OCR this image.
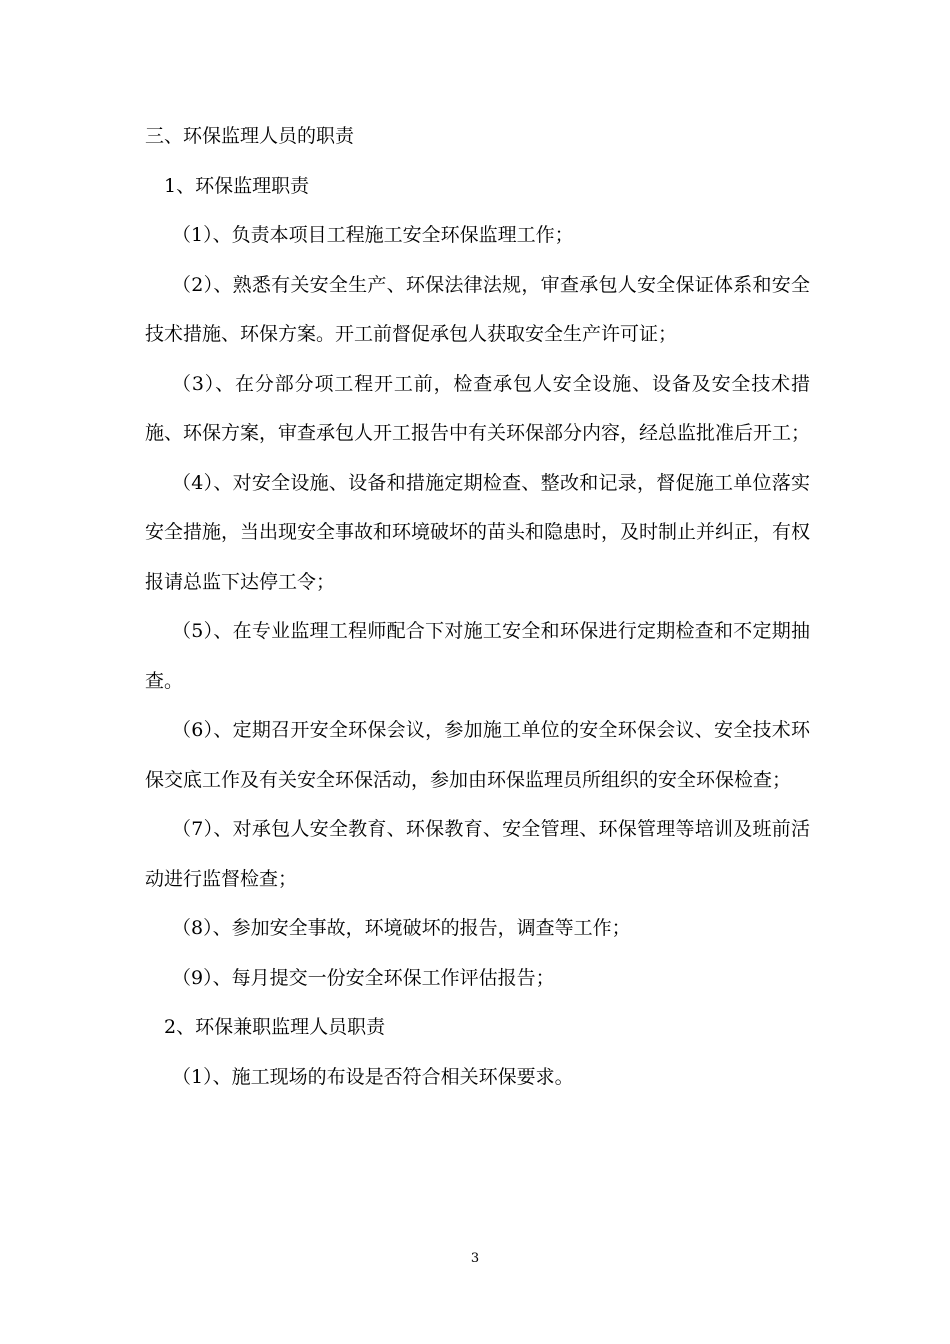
三、环保监理人员的职责

1、环保监理职责

（1）、负责本项目工程施工安全环保监理工作；

（2）、熟悉有关安全生产、环保法律法规，审查承包人安全保证体系和安全技术措施、环保方案。开工前督促承包人获取安全生产许可证；

（3）、在分部分项工程开工前，检查承包人安全设施、设备及安全技术措施、环保方案，审查承包人开工报告中有关环保部分内容，经总监批准后开工；

（4）、对安全设施、设备和措施定期检查、整改和记录，督促施工单位落实安全措施，当出现安全事故和环境破坏的苗头和隐患时，及时制止并纠正，有权报请总监下达停工令；

（5）、在专业监理工程师配合下对施工安全和环保进行定期检查和不定期抽查。

（6）、定期召开安全环保会议，参加施工单位的安全环保会议、安全技术环保交底工作及有关安全环保活动，参加由环保监理员所组织的安全环保检查；

（7）、对承包人安全教育、环保教育、安全管理、环保管理等培训及班前活动进行监督检查；

（8）、参加安全事故，环境破坏的报告，调查等工作；

（9）、每月提交一份安全环保工作评估报告；

2、环保兼职监理人员职责

（1）、施工现场的布设是否符合相关环保要求。

3
